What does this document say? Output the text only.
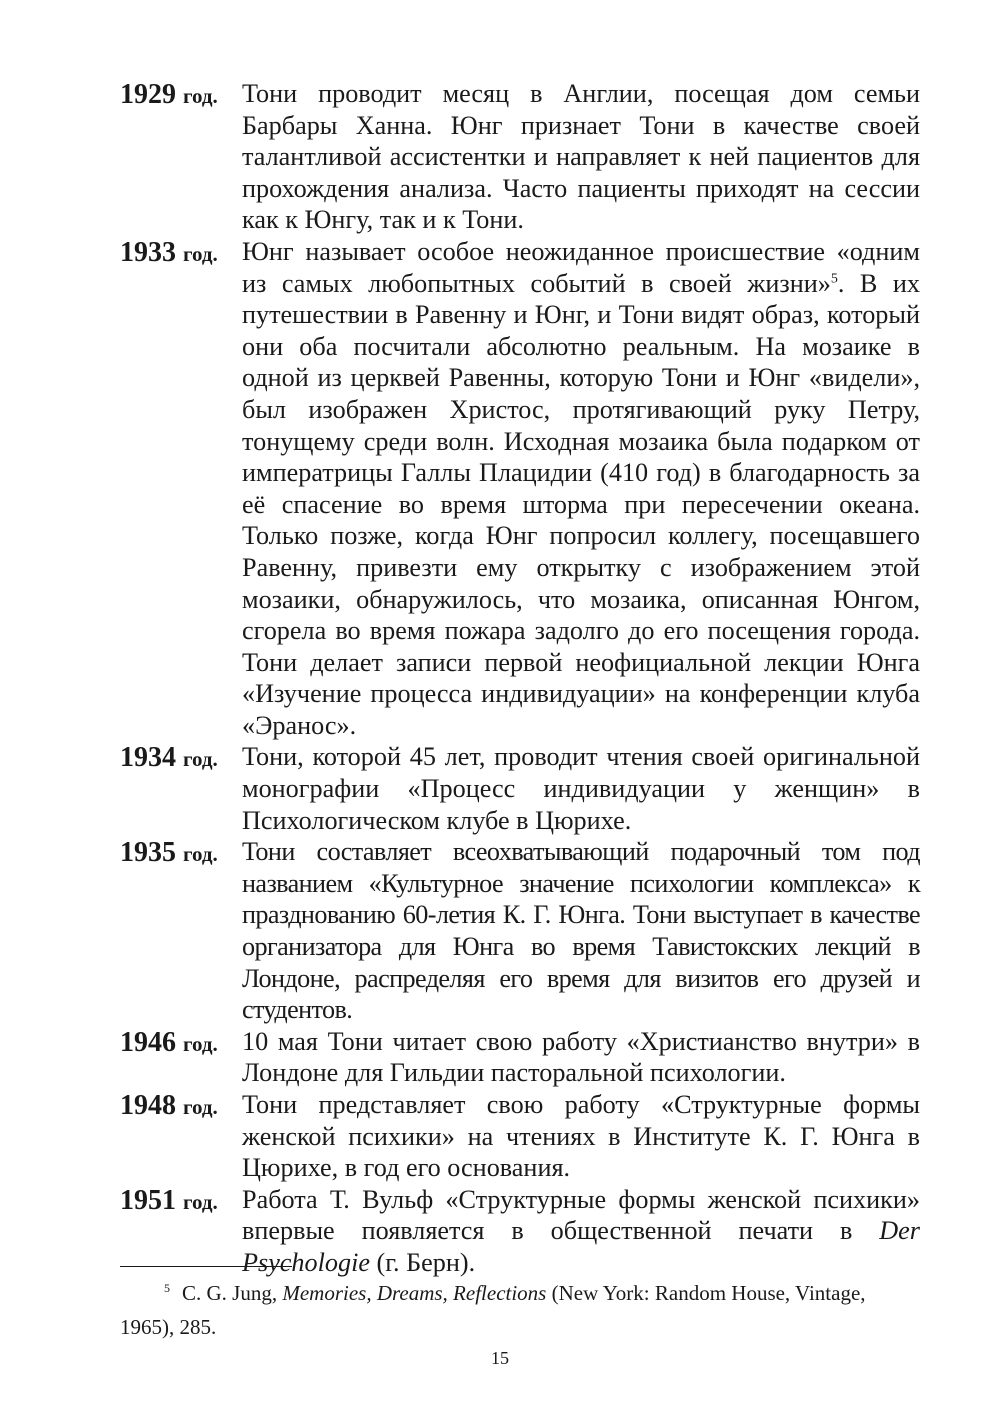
1929 год. Тони проводит месяц в Англии, посещая дом семьи Барбары Ханна. Юнг признает Тони в качестве своей талантливой ассистентки и направляет к ней пациентов для прохождения анализа. Часто пациенты приходят на сессии как к Юнгу, так и к Тони.
1933 год. Юнг называет особое неожиданное происшествие «одним из самых любопытных событий в своей жизни»$^5$. В их путешествии в Равенну и Юнг, и Тони видят образ, который они оба посчитали абсолютно реальным. На мозаике в одной из церквей Равенны, которую Тони и Юнг «видели», был изображен Христос, протягивающий руку Петру, тонущему среди волн. Исходная мозаика была подарком от императрицы Галлы Плацидии (410 год) в благодарность за её спасение во время шторма при пересечении океана. Только позже, когда Юнг попросил коллегу, посещавшего Равенну, привезти ему открытку с изображением этой мозаики, обнаружилось, что мозаика, описанная Юнгом, сгорела во время пожара задолго до его посещения города. Тони делает записи первой неофициальной лекции Юнга «Изучение процесса индивидуации» на конференции клуба «Эранос».
1934 год. Тони, которой 45 лет, проводит чтения своей оригинальной монографии «Процесс индивидуации у женщин» в Психологическом клубе в Цюрихе.
1935 год. Тони составляет всеохватывающий подарочный том под названием «Культурное значение психологии комплекса» к празднованию 60-летия К. Г. Юнга. Тони выступает в качестве организатора для Юнга во время Тавистокских лекций в Лондоне, распределяя его время для визитов его друзей и студентов.
1946 год. 10 мая Тони читает свою работу «Христианство внутри» в Лондоне для Гильдии пасторальной психологии.
1948 год. Тони представляет свою работу «Структурные формы женской психики» на чтениях в Институте К. Г. Юнга в Цюрихе, в год его основания.
1951 год. Работа Т. Вульф «Структурные формы женской психики» впервые появляется в общественной печати в Der Psychologie (г. Берн).
$^5$ C. G. Jung, Memories, Dreams, Reflections (New York: Random House, Vintage, 1965), 285.
15
